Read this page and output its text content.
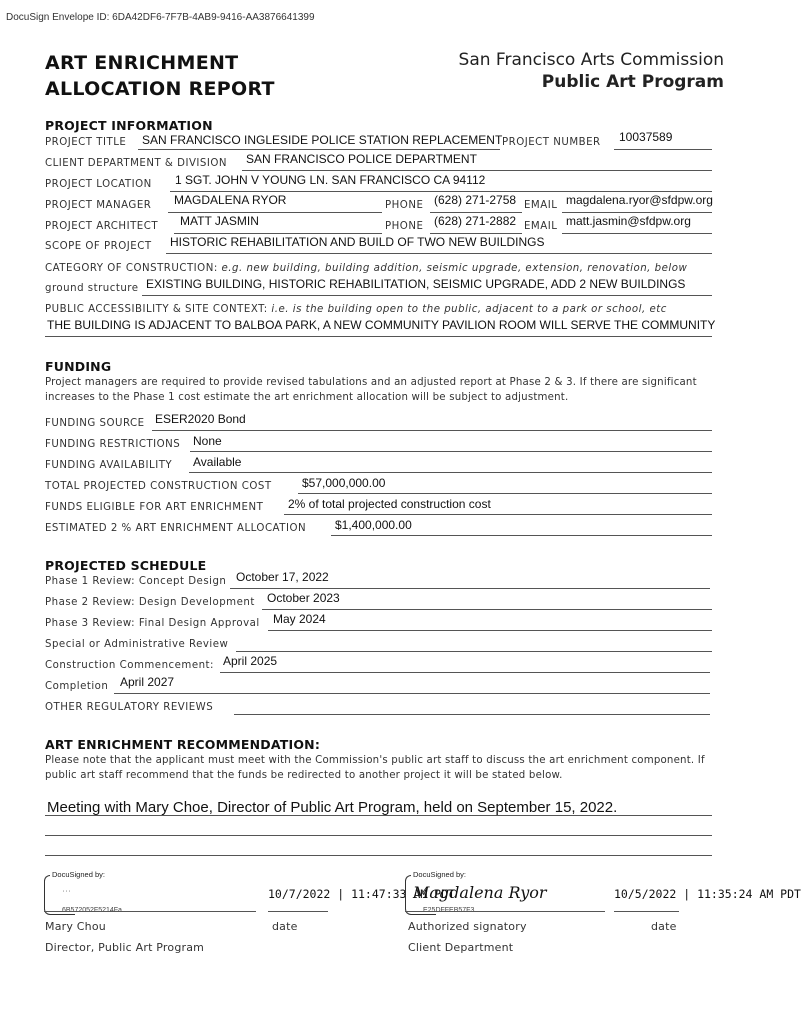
DocuSign Envelope ID: 6DA42DF6-7F7B-4AB9-9416-AA3876641399
ART ENRICHMENT
ALLOCATION REPORT
San Francisco Arts Commission
Public Art Program
PROJECT INFORMATION
PROJECT TITLE SAN FRANCISCO INGLESIDE POLICE STATION REPLACEMENT PROJECT NUMBER 10037589
CLIENT DEPARTMENT & DIVISION SAN FRANCISCO POLICE DEPARTMENT
PROJECT LOCATION 1 SGT. JOHN V YOUNG LN. SAN FRANCISCO CA 94112
PROJECT MANAGER MAGDALENA RYOR	PHONE (628) 271-2758 EMAIL magdalena.ryor@sfdpw.org
PROJECT ARCHITECT MATT JASMIN	PHONE (628) 271-2882 EMAIL matt.jasmin@sfdpw.org
SCOPE OF PROJECT HISTORIC REHABILITATION AND BUILD OF TWO NEW BUILDINGS
CATEGORY OF CONSTRUCTION: e.g. new building, building addition, seismic upgrade, extension, renovation, below
ground structure EXISTING BUILDING, HISTORIC REHABILITATION, SEISMIC UPGRADE, ADD 2 NEW BUILDINGS
PUBLIC ACCESSIBILITY & SITE CONTEXT: i.e. is the building open to the public, adjacent to a park or school, etc
THE BUILDING IS ADJACENT TO BALBOA PARK, A NEW COMMUNITY PAVILION ROOM WILL SERVE THE COMMUNITY
FUNDING
Project managers are required to provide revised tabulations and an adjusted report at Phase 2 & 3. If there are significant increases to the Phase 1 cost estimate the art enrichment allocation will be subject to adjustment.
FUNDING SOURCE ESER2020 Bond
FUNDING RESTRICTIONS None
FUNDING AVAILABILITY Available
TOTAL PROJECTED CONSTRUCTION COST	$57,000,000.00
FUNDS ELIGIBLE FOR ART ENRICHMENT 2% of total projected construction cost
ESTIMATED 2 % ART ENRICHMENT ALLOCATION $1,400,000.00
PROJECTED SCHEDULE
Phase 1 Review: Concept Design October 17, 2022
Phase 2 Review: Design Development October 2023
Phase 3 Review: Final Design Approval May 2024
Special or Administrative Review
Construction Commencement: April 2025
Completion April 2027
OTHER REGULATORY REVIEWS
ART ENRICHMENT RECOMMENDATION:
Please note that the applicant must meet with the Commission's public art staff to discuss the art enrichment component. If public art staff recommend that the funds be redirected to another project it will be stated below.
Meeting with Mary Choe, Director of Public Art Program, held on September 15, 2022.
DocuSigned by:
⋯
6B572052F5214Fa...
10/7/2022 | 11:47:33 AM PDT
Mary Chou	date
Director, Public Art Program
DocuSigned by:
Magdalena Ryor
E25DFFEB57F3...
10/5/2022 | 11:35:24 AM PDT
Authorized signatory	date
Client Department
